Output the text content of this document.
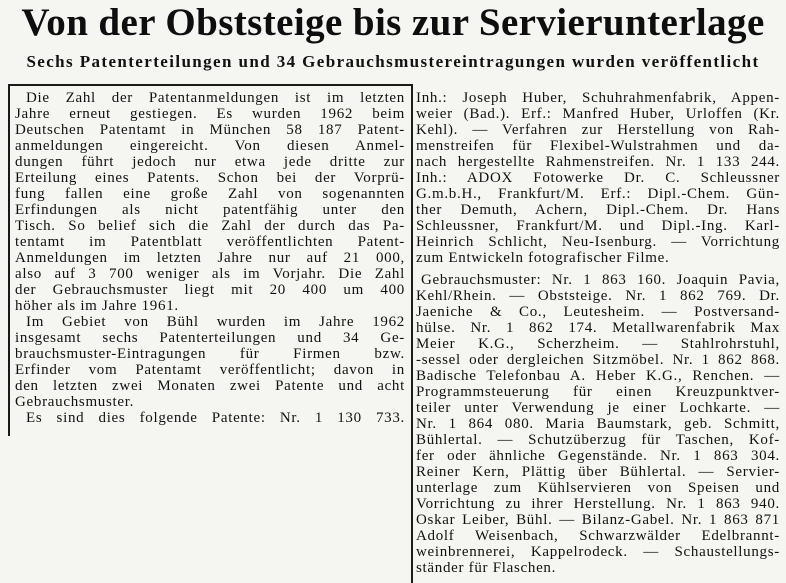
Von der Obststeige bis zur Servierunterlage
Sechs Patenterteilungen und 34 Gebrauchsmustereintragungen wurden veröffentlicht
Die Zahl der Patentanmeldungen ist im letzten
Jahre erneut gestiegen. Es wurden 1962 beim
Deutschen Patentamt in München 58 187 Patent-
anmeldungen eingereicht. Von diesen Anmel-
dungen führt jedoch nur etwa jede dritte zur
Erteilung eines Patents. Schon bei der Vorprü-
fung fallen eine große Zahl von sogenannten
Erfindungen als nicht patentfähig unter den
Tisch. So belief sich die Zahl der durch das Pa-
tentamt im Patentblatt veröffentlichten Patent-
Anmeldungen im letzten Jahre nur auf 21 000,
also auf 3 700 weniger als im Vorjahr. Die Zahl
der Gebrauchsmuster liegt mit 20 400 um 400
höher als im Jahre 1961.
Im Gebiet von Bühl wurden im Jahre 1962
insgesamt sechs Patenterteilungen und 34 Ge-
brauchsmuster-Eintragungen für Firmen bzw.
Erfinder vom Patentamt veröffentlicht; davon in
den letzten zwei Monaten zwei Patente und acht
Gebrauchsmuster.
Es sind dies folgende Patente: Nr. 1 130 733.
Inh.: Joseph Huber, Schuhrahmenfabrik, Appen-
weier (Bad.). Erf.: Manfred Huber, Urloffen (Kr.
Kehl). — Verfahren zur Herstellung von Rah-
menstreifen für Flexibel-Wulstrahmen und da-
nach hergestellte Rahmenstreifen. Nr. 1 133 244.
Inh.: ADOX Fotowerke Dr. C. Schleussner
G.m.b.H., Frankfurt/M. Erf.: Dipl.-Chem. Gün-
ther Demuth, Achern, Dipl.-Chem. Dr. Hans
Schleussner, Frankfurt/M. und Dipl.-Ing. Karl-
Heinrich Schlicht, Neu-Isenburg. — Vorrichtung
zum Entwickeln fotografischer Filme.
Gebrauchsmuster: Nr. 1 863 160. Joaquin Pavia,
Kehl/Rhein. — Obststeige. Nr. 1 862 769. Dr.
Jaeniche & Co., Leutesheim. — Postversand-
hülse. Nr. 1 862 174. Metallwarenfabrik Max
Meier K.G., Scherzheim. — Stahlrohrstuhl,
-sessel oder dergleichen Sitzmöbel. Nr. 1 862 868.
Badische Telefonbau A. Heber K.G., Renchen. —
Programmsteuerung für einen Kreuzpunktver-
teiler unter Verwendung je einer Lochkarte. —
Nr. 1 864 080. Maria Baumstark, geb. Schmitt,
Bühlertal. — Schutzüberzug für Taschen, Kof-
fer oder ähnliche Gegenstände. Nr. 1 863 304.
Reiner Kern, Plättig über Bühlertal. — Servier-
unterlage zum Kühlservieren von Speisen und
Vorrichtung zu ihrer Herstellung. Nr. 1 863 940.
Oskar Leiber, Bühl. — Bilanz-Gabel. Nr. 1 863 871
Adolf Weisenbach, Schwarzwälder Edelbrannt-
weinbrennerei, Kappelrodeck. — Schaustellungs-
ständer für Flaschen.
